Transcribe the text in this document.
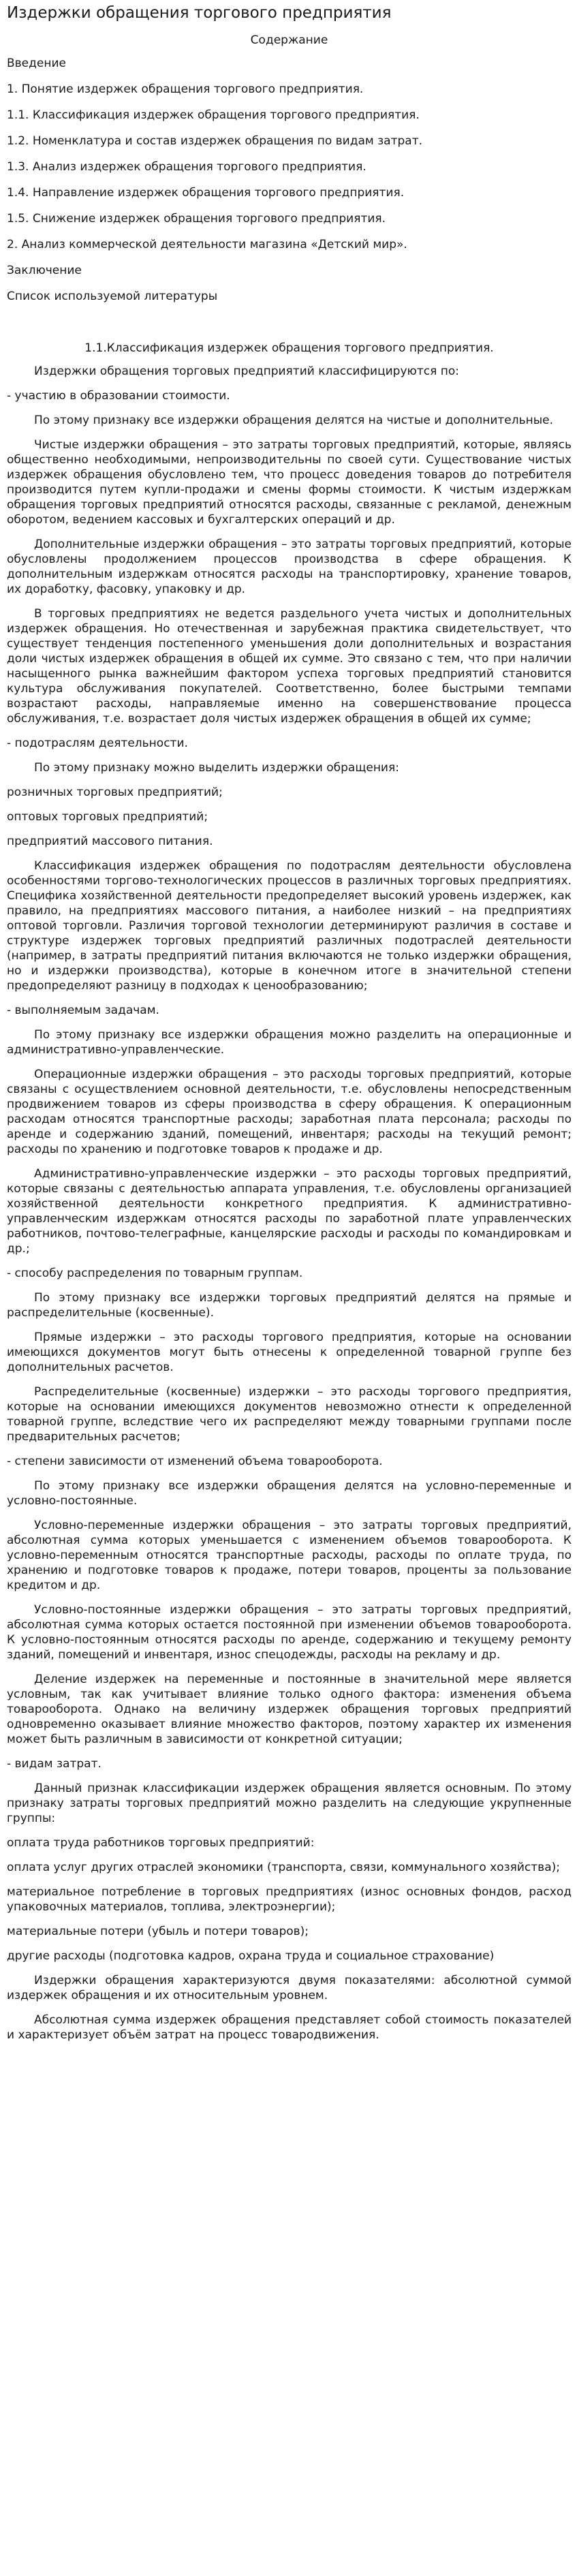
Издержки обращения торгового предприятия
Содержание
Введение
1. Понятие издержек обращения торгового предприятия.
1.1. Классификация издержек обращения торгового предприятия.
1.2. Номенклатура и состав издержек обращения по видам затрат.
1.3. Анализ издержек обращения торгового предприятия.
1.4. Направление издержек обращения торгового предприятия.
1.5. Снижение издержек обращения торгового предприятия.
2. Анализ коммерческой деятельности магазина «Детский мир».
Заключение
Список используемой литературы
1.1.Классификация издержек обращения торгового предприятия.

Издержки обращения торговых предприятий классифицируются по:

- участию в образовании стоимости.

По этому признаку все издержки обращения делятся на чистые и дополнительные.

Чистые издержки обращения – это затраты торговых предприятий, которые, являясь общественно необходимыми, непроизводительны по своей сути. Существование чистых издержек обращения обусловлено тем, что процесс доведения товаров до потребителя производится путем купли-продажи и смены формы стоимости. К чистым издержкам обращения торговых предприятий относятся расходы, связанные с рекламой, денежным оборотом, ведением кассовых и бухгалтерских операций и др.

Дополнительные издержки обращения – это затраты торговых предприятий, которые обусловлены продолжением процессов производства в сфере обращения. К дополнительным издержкам относятся расходы на транспортировку, хранение товаров, их доработку, фасовку, упаковку и др.

В торговых предприятиях не ведется раздельного учета чистых и дополнительных издержек обращения. Но отечественная и зарубежная практика свидетельствует, что существует тенденция постепенного уменьшения доли дополнительных и возрастания доли чистых издержек обращения в общей их сумме. Это связано с тем, что при наличии насыщенного рынка важнейшим фактором успеха торговых предприятий становится культура обслуживания покупателей. Соответственно, более быстрыми темпами возрастают расходы, направляемые именно на совершенствование процесса обслуживания, т.е. возрастает доля чистых издержек обращения в общей их сумме;

- подотраслям деятельности.

По этому признаку можно выделить издержки обращения:

розничных торговых предприятий;

оптовых торговых предприятий;

предприятий массового питания.

Классификация издержек обращения по подотраслям деятельности обусловлена особенностями торгово-технологических процессов в различных торговых предприятиях. Специфика хозяйственной деятельности предопределяет высокий уровень издержек, как правило, на предприятиях массового питания, а наиболее низкий – на предприятиях оптовой торговли. Различия торговой технологии детерминируют различия в составе и структуре издержек торговых предприятий различных подотраслей деятельности (например, в затраты предприятий питания включаются не только издержки обращения, но и издержки производства), которые в конечном итоге в значительной степени предопределяют разницу в подходах к ценообразованию;

- выполняемым задачам.

По этому признаку все издержки обращения можно разделить на операционные и административно-управленческие.

Операционные издержки обращения – это расходы торговых предприятий, которые связаны с осуществлением основной деятельности, т.е. обусловлены непосредственным продвижением товаров из сферы производства в сферу обращения. К операционным расходам относятся транспортные расходы; заработная плата персонала; расходы по аренде и содержанию зданий, помещений, инвентаря; расходы на текущий ремонт; расходы по хранению и подготовке товаров к продаже и др.

Административно-управленческие издержки – это расходы торговых предприятий, которые связаны с деятельностью аппарата управления, т.е. обусловлены организацией хозяйственной деятельности конкретного предприятия. К административно-управленческим издержкам относятся расходы по заработной плате управленческих работников, почтово-телеграфные, канцелярские расходы и расходы по командировкам и др.;

- способу распределения по товарным группам.

По этому признаку все издержки торговых предприятий делятся на прямые и распределительные (косвенные).

Прямые издержки – это расходы торгового предприятия, которые на основании имеющихся документов могут быть отнесены к определенной товарной группе без дополнительных расчетов.

Распределительные (косвенные) издержки – это расходы торгового предприятия, которые на основании имеющихся документов невозможно отнести к определенной товарной группе, вследствие чего их распределяют между товарными группами после предварительных расчетов;

- степени зависимости от изменений объема товарооборота.

По этому признаку все издержки обращения делятся на условно-переменные и условно-постоянные.

Условно-переменные издержки обращения – это затраты торговых предприятий, абсолютная сумма которых уменьшается с изменением объемов товарооборота. К условно-переменным относятся транспортные расходы, расходы по оплате труда, по хранению и подготовке товаров к продаже, потери товаров, проценты за пользование кредитом и др.

Условно-постоянные издержки обращения – это затраты торговых предприятий, абсолютная сумма которых остается постоянной при изменении объемов товарооборота. К условно-постоянным относятся расходы по аренде, содержанию и текущему ремонту зданий, помещений и инвентаря, износ спецодежды, расходы на рекламу и др.

Деление издержек на переменные и постоянные в значительной мере является условным, так как учитывает влияние только одного фактора: изменения объема товарооборота. Однако на величину издержек обращения торговых предприятий одновременно оказывает влияние множество факторов, поэтому характер их изменения может быть различным в зависимости от конкретной ситуации;

- видам затрат.

Данный признак классификации издержек обращения является основным. По этому признаку затраты торговых предприятий можно разделить на следующие укрупненные группы:

оплата труда работников торговых предприятий:

оплата услуг других отраслей экономики (транспорта, связи, коммунального хозяйства);

материальное потребление в торговых предприятиях (износ основных фондов, расход упаковочных материалов, топлива, электроэнергии);

материальные потери (убыль и потери товаров);

другие расходы (подготовка кадров, охрана труда и социальное страхование)

Издержки обращения характеризуются двумя показателями: абсолютной суммой издержек обращения и их относительным уровнем.

Абсолютная сумма издержек обращения представляет собой стоимость показателей и характеризует объём затрат на процесс товародвижения.
